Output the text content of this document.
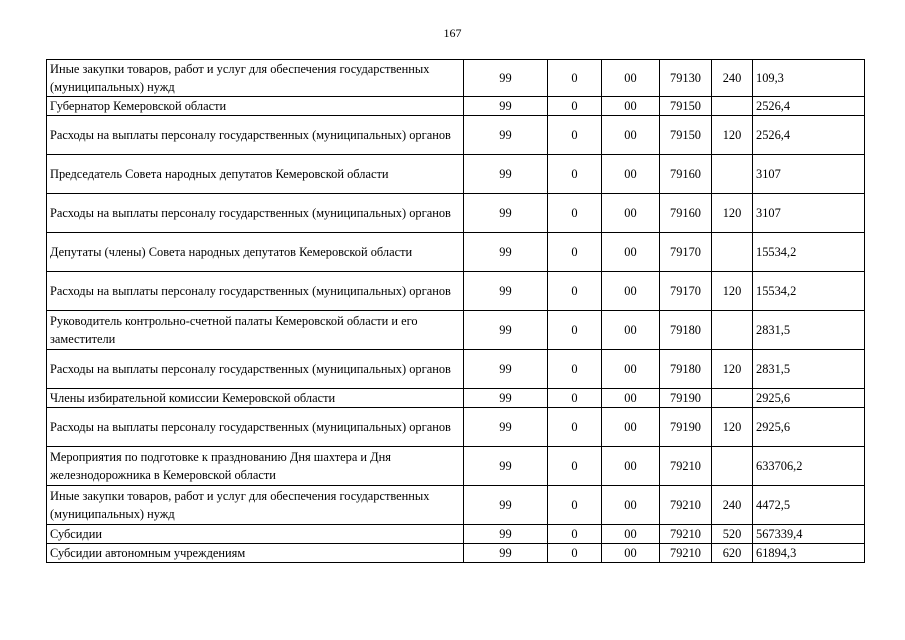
167
Иные закупки товаров, работ и услуг для обеспечения государственных (муниципальных) нужд	99	0	00	79130	240	109,3
Губернатор Кемеровской области	99	0	00	79150		2526,4
Расходы на выплаты персоналу государственных (муниципальных) органов	99	0	00	79150	120	2526,4
Председатель Совета народных депутатов Кемеровской области	99	0	00	79160		3107
Расходы на выплаты персоналу государственных (муниципальных) органов	99	0	00	79160	120	3107
Депутаты (члены) Совета народных депутатов Кемеровской области	99	0	00	79170		15534,2
Расходы на выплаты персоналу государственных (муниципальных) органов	99	0	00	79170	120	15534,2
Руководитель контрольно-счетной палаты Кемеровской области и его заместители	99	0	00	79180		2831,5
Расходы на выплаты персоналу государственных (муниципальных) органов	99	0	00	79180	120	2831,5
Члены избирательной комиссии Кемеровской области	99	0	00	79190		2925,6
Расходы на выплаты персоналу государственных (муниципальных) органов	99	0	00	79190	120	2925,6
Мероприятия по подготовке к празднованию Дня шахтера и Дня железнодорожника в Кемеровской области	99	0	00	79210		633706,2
Иные закупки товаров, работ и услуг для обеспечения государственных (муниципальных) нужд	99	0	00	79210	240	4472,5
Субсидии	99	0	00	79210	520	567339,4
Субсидии автономным учреждениям	99	0	00	79210	620	61894,3
